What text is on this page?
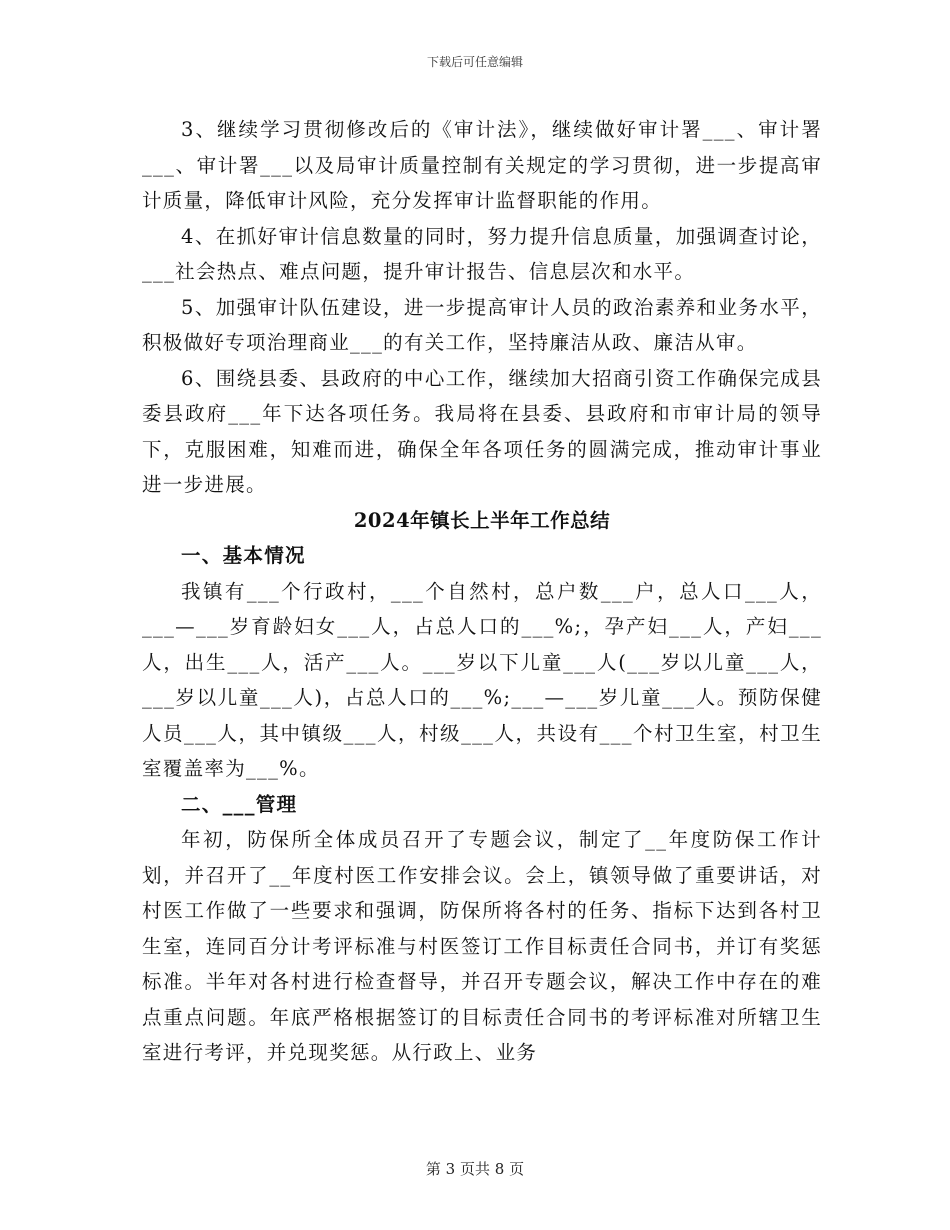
下载后可任意编辑

3、继续学习贯彻修改后的《审计法》，继续做好审计署___、审计署___、审计署___以及局审计质量控制有关规定的学习贯彻，进一步提高审计质量，降低审计风险，充分发挥审计监督职能的作用。

4、在抓好审计信息数量的同时，努力提升信息质量，加强调查讨论，___社会热点、难点问题，提升审计报告、信息层次和水平。

5、加强审计队伍建设，进一步提高审计人员的政治素养和业务水平，积极做好专项治理商业___的有关工作，坚持廉洁从政、廉洁从审。

6、围绕县委、县政府的中心工作，继续加大招商引资工作确保完成县委县政府___年下达各项任务。我局将在县委、县政府和市审计局的领导下，克服困难，知难而进，确保全年各项任务的圆满完成，推动审计事业进一步进展。

2024年镇长上半年工作总结

一、基本情况

我镇有___个行政村，___个自然村，总户数___户，总人口___人，___—___岁育龄妇女___人，占总人口的___%;，孕产妇___人，产妇___人，出生___人，活产___人。___岁以下儿童___人(___岁以儿童___人，___岁以儿童___人)，占总人口的___%;___—___岁儿童___人。预防保健人员___人，其中镇级___人，村级___人，共设有___个村卫生室，村卫生室覆盖率为___%。

二、___管理

年初，防保所全体成员召开了专题会议，制定了__年度防保工作计划，并召开了__年度村医工作安排会议。会上，镇领导做了重要讲话，对村医工作做了一些要求和强调，防保所将各村的任务、指标下达到各村卫生室，连同百分计考评标准与村医签订工作目标责任合同书，并订有奖惩标准。半年对各村进行检查督导，并召开专题会议，解决工作中存在的难点重点问题。年底严格根据签订的目标责任合同书的考评标准对所辖卫生室进行考评，并兑现奖惩。从行政上、业务

第 3 页共 8 页
